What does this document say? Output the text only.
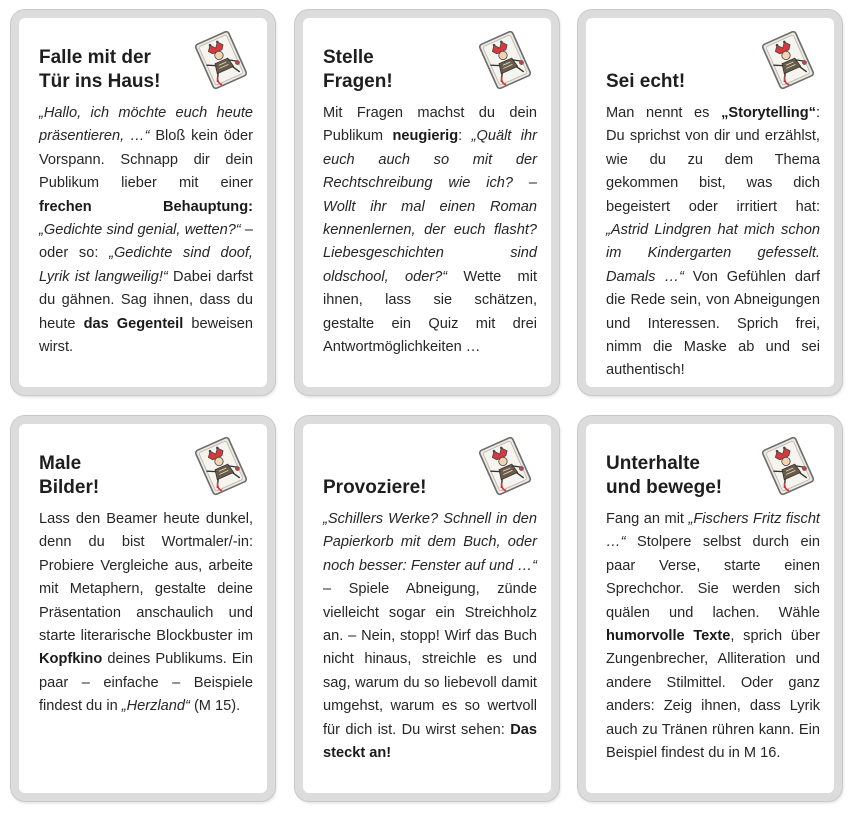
Falle mit der
Tür ins Haus!

„Hallo, ich möchte euch heute präsentieren, …“ Bloß kein öder Vorspann. Schnapp dir dein Publikum lieber mit einer frechen Behauptung: „Gedichte sind genial, wetten?“ – oder so: „Gedichte sind doof, Lyrik ist langweilig!“ Dabei darfst du gähnen. Sag ihnen, dass du heute das Gegenteil beweisen wirst.

Stelle
Fragen!

Mit Fragen machst du dein Publikum neugierig: „Quält ihr euch auch so mit der Rechtschreibung wie ich? – Wollt ihr mal einen Roman kennenlernen, der euch flasht? Liebesgeschichten sind oldschool, oder?“ Wette mit ihnen, lass sie schätzen, gestalte ein Quiz mit drei Antwortmöglichkeiten …

Sei echt!

Man nennt es „Storytelling“: Du sprichst von dir und erzählst, wie du zu dem Thema gekommen bist, was dich begeistert oder irritiert hat: „Astrid Lindgren hat mich schon im Kindergarten gefesselt. Damals …“ Von Gefühlen darf die Rede sein, von Abneigungen und Interessen. Sprich frei, nimm die Maske ab und sei authentisch!

Male
Bilder!

Lass den Beamer heute dunkel, denn du bist Wortmaler/-in: Probiere Vergleiche aus, arbeite mit Metaphern, gestalte deine Präsentation anschaulich und starte literarische Blockbuster im Kopfkino deines Publikums. Ein paar – einfache – Beispiele findest du in „Herzland“ (M 15).

Provoziere!

„Schillers Werke? Schnell in den Papierkorb mit dem Buch, oder noch besser: Fenster auf und …“ – Spiele Abneigung, zünde vielleicht sogar ein Streichholz an. – Nein, stopp! Wirf das Buch nicht hinaus, streichle es und sag, warum du so liebevoll damit umgehst, warum es so wertvoll für dich ist. Du wirst sehen: Das steckt an!

Unterhalte
und bewege!

Fang an mit „Fischers Fritz fischt …“ Stolpere selbst durch ein paar Verse, starte einen Sprechchor. Sie werden sich quälen und lachen. Wähle humorvolle Texte, sprich über Zungenbrecher, Alliteration und andere Stilmittel. Oder ganz anders: Zeig ihnen, dass Lyrik auch zu Tränen rühren kann. Ein Beispiel findest du in M 16.
